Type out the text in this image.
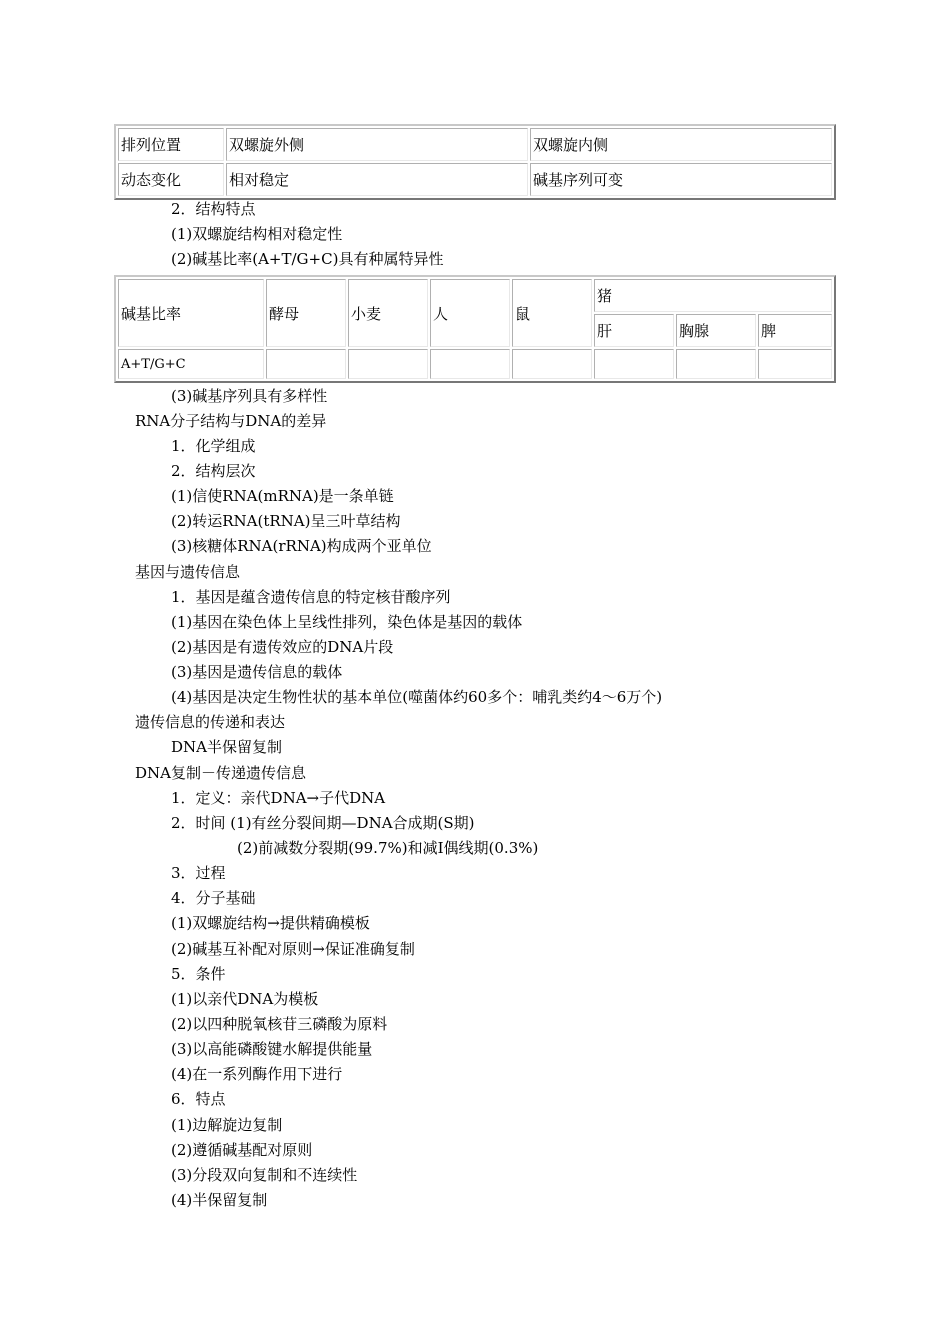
排列位置	双螺旋外侧	双螺旋内侧
动态变化	相对稳定	碱基序列可变
2．结构特点
(1)双螺旋结构相对稳定性
(2)碱基比率(A+T/G+C)具有种属特异性
碱基比率	酵母	小麦	人	鼠	猪		
					肝	胸腺	脾
A+T/G+C							
(3)碱基序列具有多样性
RNA分子结构与DNA的差异
1．化学组成
2．结构层次
(1)信使RNA(mRNA)是一条单链
(2)转运RNA(tRNA)呈三叶草结构
(3)核糖体RNA(rRNA)构成两个亚单位
基因与遗传信息
1．基因是蕴含遗传信息的特定核苷酸序列
(1)基因在染色体上呈线性排列，染色体是基因的载体
(2)基因是有遗传效应的DNA片段
(3)基因是遗传信息的载体
(4)基因是决定生物性状的基本单位(噬菌体约60多个：哺乳类约4～6万个)
遗传信息的传递和表达
DNA半保留复制
DNA复制－传递遗传信息
1．定义：亲代DNA→子代DNA
2．时间 (1)有丝分裂间期—DNA合成期(S期)
(2)前减数分裂期(99.7%)和减Ⅰ偶线期(0.3%)
3．过程
4．分子基础
(1)双螺旋结构→提供精确模板
(2)碱基互补配对原则→保证准确复制
5．条件
(1)以亲代DNA为模板
(2)以四种脱氧核苷三磷酸为原料
(3)以高能磷酸键水解提供能量
(4)在一系列酶作用下进行
6．特点
(1)边解旋边复制
(2)遵循碱基配对原则
(3)分段双向复制和不连续性
(4)半保留复制
